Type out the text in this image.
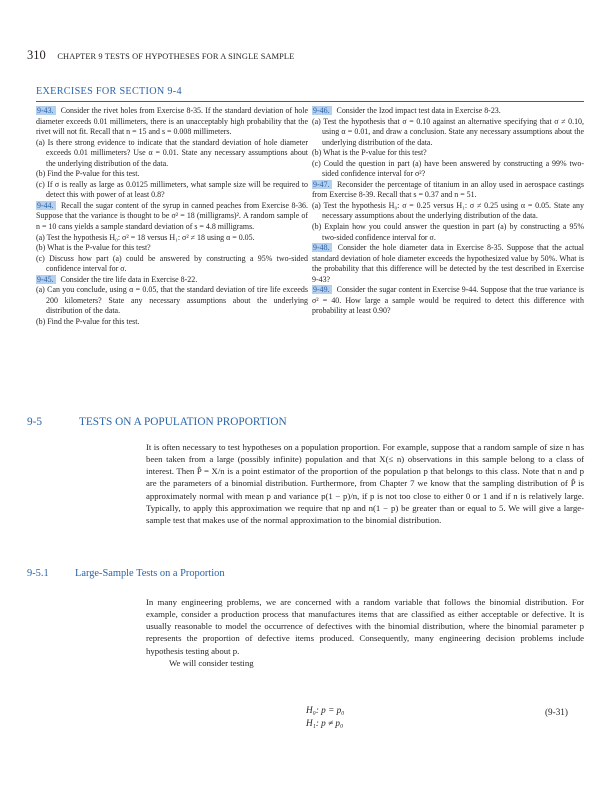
310 CHAPTER 9 TESTS OF HYPOTHESES FOR A SINGLE SAMPLE
EXERCISES FOR SECTION 9-4

9-43. Consider the rivet holes from Exercise 8-35. If the standard deviation of hole diameter exceeds 0.01 millimeters, there is an unacceptably high probability that the rivet will not fit. Recall that n = 15 and s = 0.008 millimeters.

(a) Is there strong evidence to indicate that the standard deviation of hole diameter exceeds 0.01 millimeters? Use α = 0.01. State any necessary assumptions about the underlying distribution of the data.

(b) Find the P-value for this test.

(c) If σ is really as large as 0.0125 millimeters, what sample size will be required to detect this with power of at least 0.8?

9-44. Recall the sugar content of the syrup in canned peaches from Exercise 8-36. Suppose that the variance is thought to be σ² = 18 (milligrams)². A random sample of n = 10 cans yields a sample standard deviation of s = 4.8 milligrams.

(a) Test the hypothesis H₀: σ² = 18 versus H₁: σ² ≠ 18 using α = 0.05.

(b) What is the P-value for this test?

(c) Discuss how part (a) could be answered by constructing a 95% two-sided confidence interval for σ.

9-45. Consider the tire life data in Exercise 8-22.

(a) Can you conclude, using α = 0.05, that the standard deviation of tire life exceeds 200 kilometers? State any necessary assumptions about the underlying distribution of the data.

(b) Find the P-value for this test.

9-46. Consider the Izod impact test data in Exercise 8-23.

(a) Test the hypothesis that σ = 0.10 against an alternative specifying that σ ≠ 0.10, using α = 0.01, and draw a conclusion. State any necessary assumptions about the underlying distribution of the data.

(b) What is the P-value for this test?

(c) Could the question in part (a) have been answered by constructing a 99% two-sided confidence interval for σ²?

9-47. Reconsider the percentage of titanium in an alloy used in aerospace castings from Exercise 8-39. Recall that s = 0.37 and n = 51.

(a) Test the hypothesis H₀: σ = 0.25 versus H₁: σ ≠ 0.25 using α = 0.05. State any necessary assumptions about the underlying distribution of the data.

(b) Explain how you could answer the question in part (a) by constructing a 95% two-sided confidence interval for σ.

9-48. Consider the hole diameter data in Exercise 8-35. Suppose that the actual standard deviation of hole diameter exceeds the hypothesized value by 50%. What is the probability that this difference will be detected by the test described in Exercise 9-43?

9-49. Consider the sugar content in Exercise 9-44. Suppose that the true variance is σ² = 40. How large a sample would be required to detect this difference with probability at least 0.90?

9-5	TESTS ON A POPULATION PROPORTION

It is often necessary to test hypotheses on a population proportion. For example, suppose that a random sample of size n has been taken from a large (possibly infinite) population and that X(≤ n) observations in this sample belong to a class of interest. Then P̂ = X/n is a point estimator of the proportion of the population p that belongs to this class. Note that n and p are the parameters of a binomial distribution. Furthermore, from Chapter 7 we know that the sampling distribution of P̂ is approximately normal with mean p and variance p(1 − p)/n, if p is not too close to either 0 or 1 and if n is relatively large. Typically, to apply this approximation we require that np and n(1 − p) be greater than or equal to 5. We will give a large-sample test that makes use of the normal approximation to the binomial distribution.

9-5.1	Large-Sample Tests on a Proportion

In many engineering problems, we are concerned with a random variable that follows the binomial distribution. For example, consider a production process that manufactures items that are classified as either acceptable or defective. It is usually reasonable to model the occurrence of defectives with the binomial distribution, where the binomial parameter p represents the proportion of defective items produced. Consequently, many engineering decision problems include hypothesis testing about p.

We will consider testing

H₀: p = p₀
H₁: p ≠ p₀
(9-31)
